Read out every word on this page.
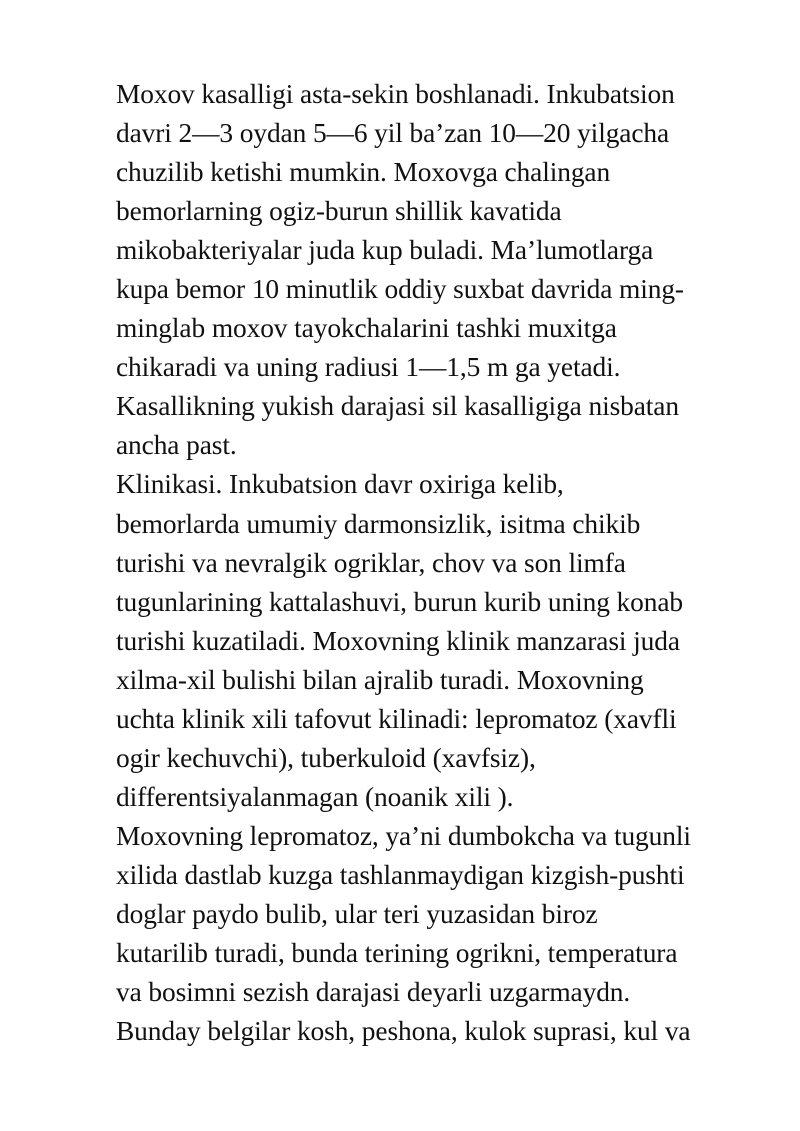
Moxov kasalligi asta-sekin boshlanadi. Inkubatsion
davri 2—3 oydan 5—6 yil ba’zan 10—20 yilgacha
chuzilib ketishi mumkin. Moxovga chalingan
bemorlarning ogiz-burun shillik kavatida
mikobakteriyalar juda kup buladi. Ma’lumotlarga
kupa bemor 10 minutlik oddiy suxbat davrida ming-
minglab moxov tayokchalarini tashki muxitga
chikaradi va uning radiusi 1—1,5 m ga yetadi.
Kasallikning yukish darajasi sil kasalligiga nisbatan
ancha past.
Klinikasi. Inkubatsion davr oxiriga kelib,
bemorlarda umumiy darmonsizlik, isitma chikib
turishi va nevralgik ogriklar, chov va son limfa
tugunlarining kattalashuvi, burun kurib uning konab
turishi kuzatiladi. Moxovning klinik manzarasi juda
xilma-xil bulishi bilan ajralib turadi. Moxovning
uchta klinik xili tafovut kilinadi: lepromatoz (xavfli
ogir kechuvchi), tuberkuloid (xavfsiz),
differentsiyalanmagan (noanik xili ).
Moxovning lepromatoz, ya’ni dumbokcha va tugunli
xilida dastlab kuzga tashlanmaydigan kizgish-pushti
doglar paydo bulib, ular teri yuzasidan biroz
kutarilib turadi, bunda terining ogrikni, temperatura
va bosimni sezish darajasi deyarli uzgarmaydn.
Bunday belgilar kosh, peshona, kulok suprasi, kul va
